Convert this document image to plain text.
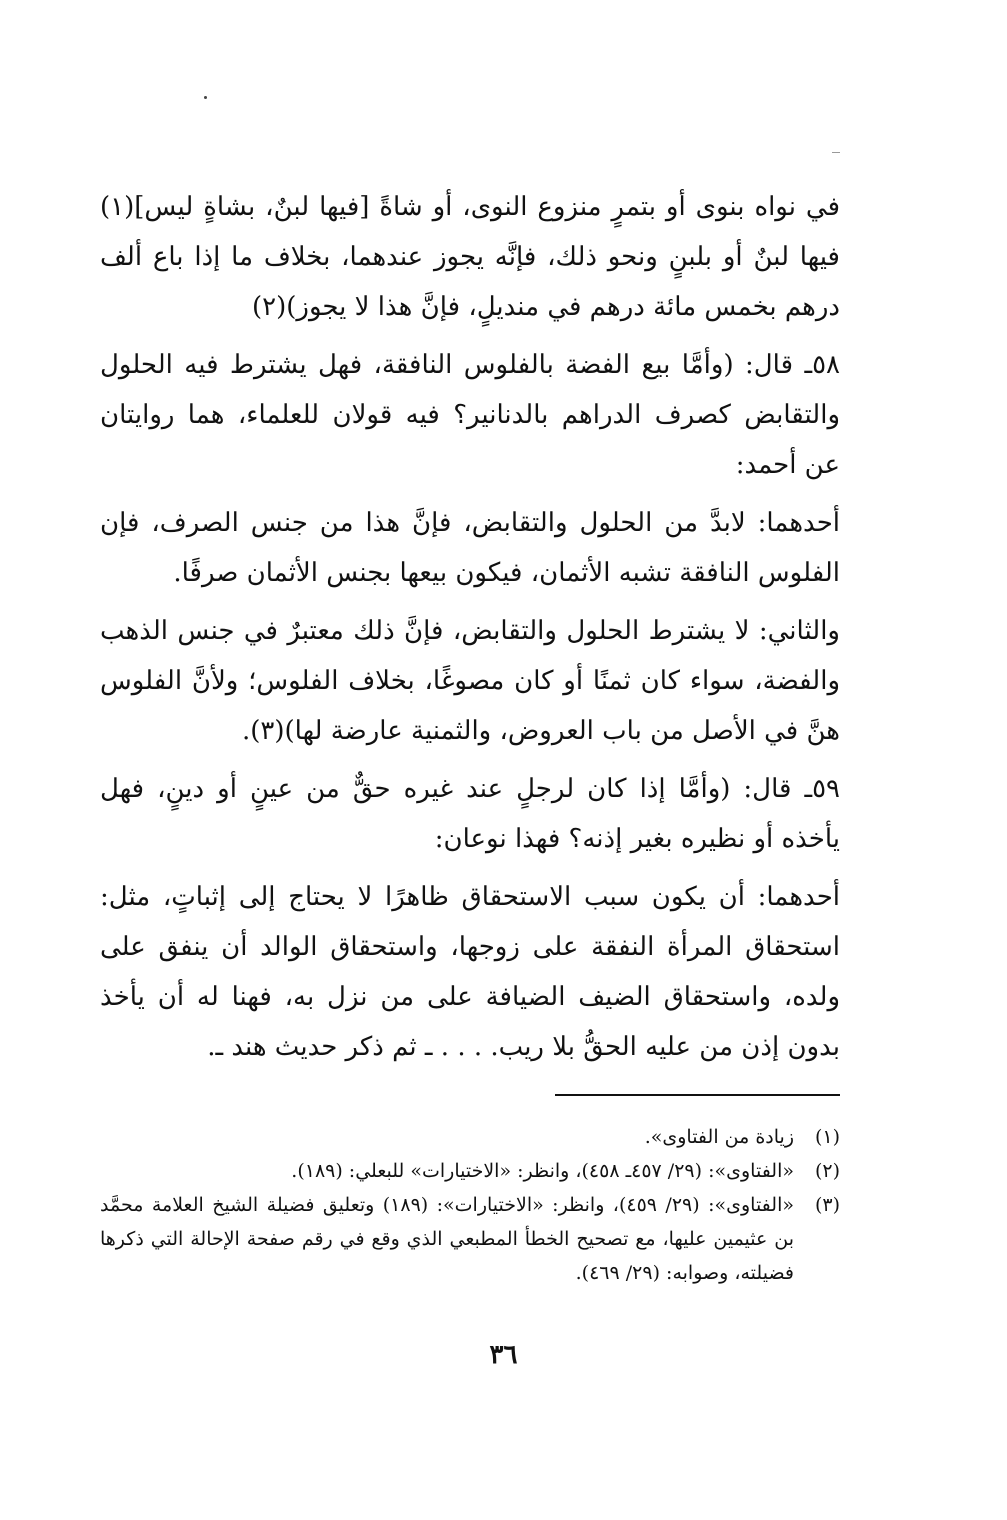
في نواه بنوى أو بتمرٍ منزوع النوى، أو شاةً [فيها لبنٌ، بشاةٍ ليس](١) فيها لبنٌ أو بلبنٍ ونحو ذلك، فإنَّه يجوز عندهما، بخلاف ما إذا باع ألف درهم بخمس مائة درهم في منديلٍ، فإنَّ هذا لا يجوز)(٢)

٥٨ـ قال: (وأمَّا بيع الفضة بالفلوس النافقة، فهل يشترط فيه الحلول والتقابض كصرف الدراهم بالدنانير؟ فيه قولان للعلماء، هما روايتان عن أحمد:

أحدهما: لابدَّ من الحلول والتقابض، فإنَّ هذا من جنس الصرف، فإن الفلوس النافقة تشبه الأثمان، فيكون بيعها بجنس الأثمان صرفًا.

والثاني: لا يشترط الحلول والتقابض، فإنَّ ذلك معتبرٌ في جنس الذهب والفضة، سواء كان ثمنًا أو كان مصوغًا، بخلاف الفلوس؛ ولأنَّ الفلوس هنَّ في الأصل من باب العروض، والثمنية عارضة لها)(٣).

٥٩ـ قال: (وأمَّا إذا كان لرجلٍ عند غيره حقٌّ من عينٍ أو دينٍ، فهل يأخذه أو نظيره بغير إذنه؟ فهذا نوعان:

أحدهما: أن يكون سبب الاستحقاق ظاهرًا لا يحتاج إلى إثباتٍ، مثل: استحقاق المرأة النفقة على زوجها، واستحقاق الوالد أن ينفق على ولده، واستحقاق الضيف الضيافة على من نزل به، فهنا له أن يأخذ بدون إذن من عليه الحقُّ بلا ريب. . . . ـ ثم ذكر حديث هند ـ.

(١)
زيادة من الفتاوى».
(٢)
«الفتاوى»: (٢٩/ ٤٥٧ـ ٤٥٨)، وانظر: «الاختيارات» للبعلي: (١٨٩).
(٣)
«الفتاوى»: (٢٩/ ٤٥٩)، وانظر: «الاختيارات»: (١٨٩) وتعليق فضيلة الشيخ العلامة محمَّد بن عثيمين عليها، مع تصحيح الخطأ المطبعي الذي وقع في رقم صفحة الإحالة التي ذكرها فضيلته، وصوابه: (٢٩/ ٤٦٩).
٣٦
